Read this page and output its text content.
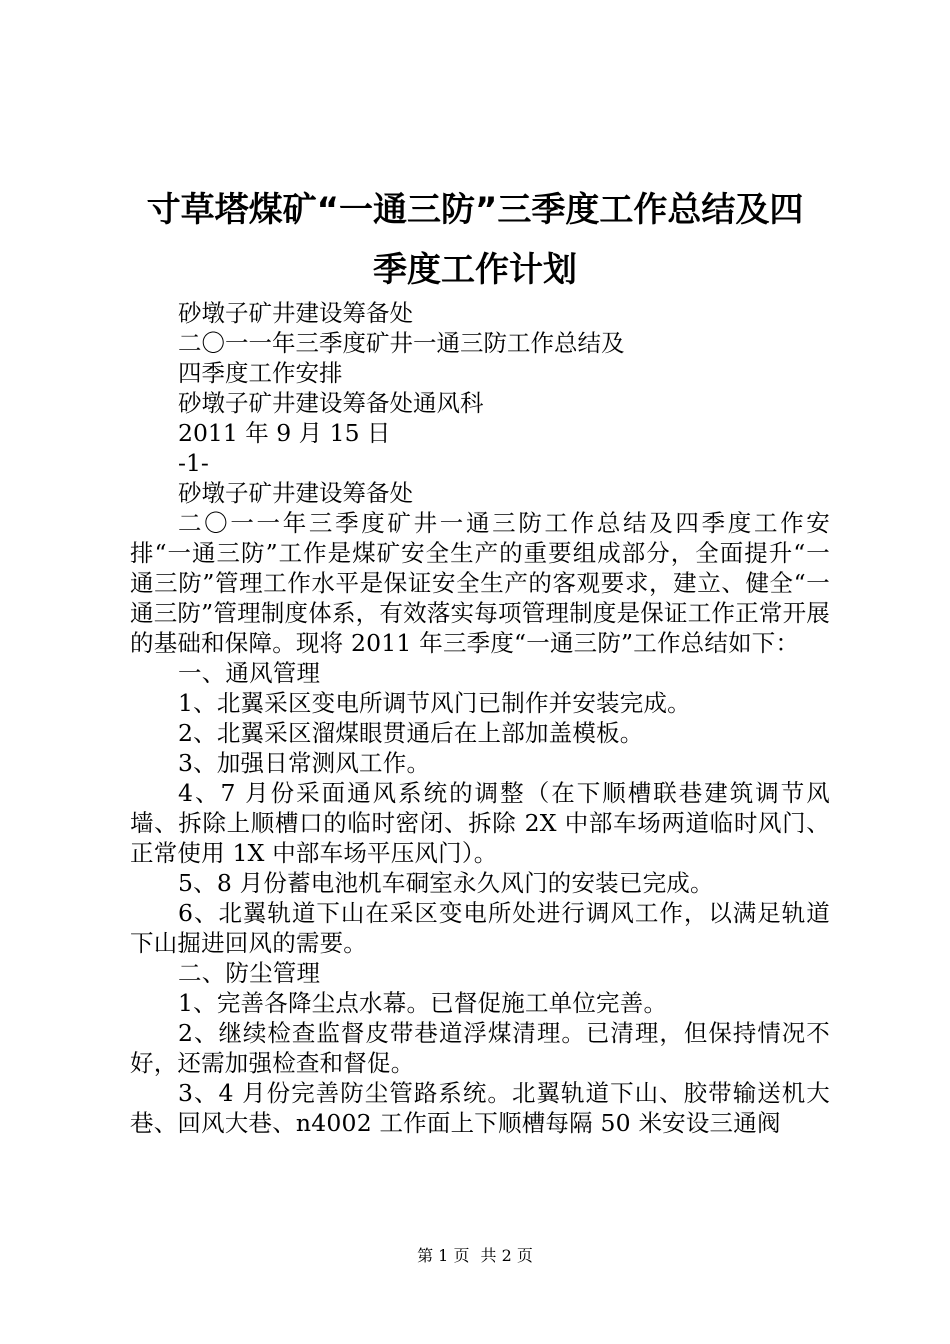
寸草塔煤矿“一通三防”三季度工作总结及四
季度工作计划
砂墩子矿井建设筹备处
二〇一一年三季度矿井一通三防工作总结及
四季度工作安排
砂墩子矿井建设筹备处通风科
2011 年 9 月 15 日
-1-
砂墩子矿井建设筹备处

二〇一一年三季度矿井一通三防工作总结及四季度工作安排“一通三防”工作是煤矿安全生产的重要组成部分，全面提升“一通三防”管理工作水平是保证安全生产的客观要求，建立、健全“一通三防”管理制度体系，有效落实每项管理制度是保证工作正常开展的基础和保障。现将 2011 年三季度“一通三防”工作总结如下：

一、通风管理

1、北翼采区变电所调节风门已制作并安装完成。

2、北翼采区溜煤眼贯通后在上部加盖模板。

3、加强日常测风工作。

4、7 月份采面通风系统的调整（在下顺槽联巷建筑调节风墙、拆除上顺槽口的临时密闭、拆除 2X 中部车场两道临时风门、正常使用 1X 中部车场平压风门）。

5、8 月份蓄电池机车硐室永久风门的安装已完成。

6、北翼轨道下山在采区变电所处进行调风工作，以满足轨道下山掘进回风的需要。

二、防尘管理

1、完善各降尘点水幕。已督促施工单位完善。

2、继续检查监督皮带巷道浮煤清理。已清理，但保持情况不好，还需加强检查和督促。

3、4 月份完善防尘管路系统。北翼轨道下山、胶带输送机大巷、回风大巷、n4002 工作面上下顺槽每隔 50 米安设三通阀

第 1 页 共 2 页
